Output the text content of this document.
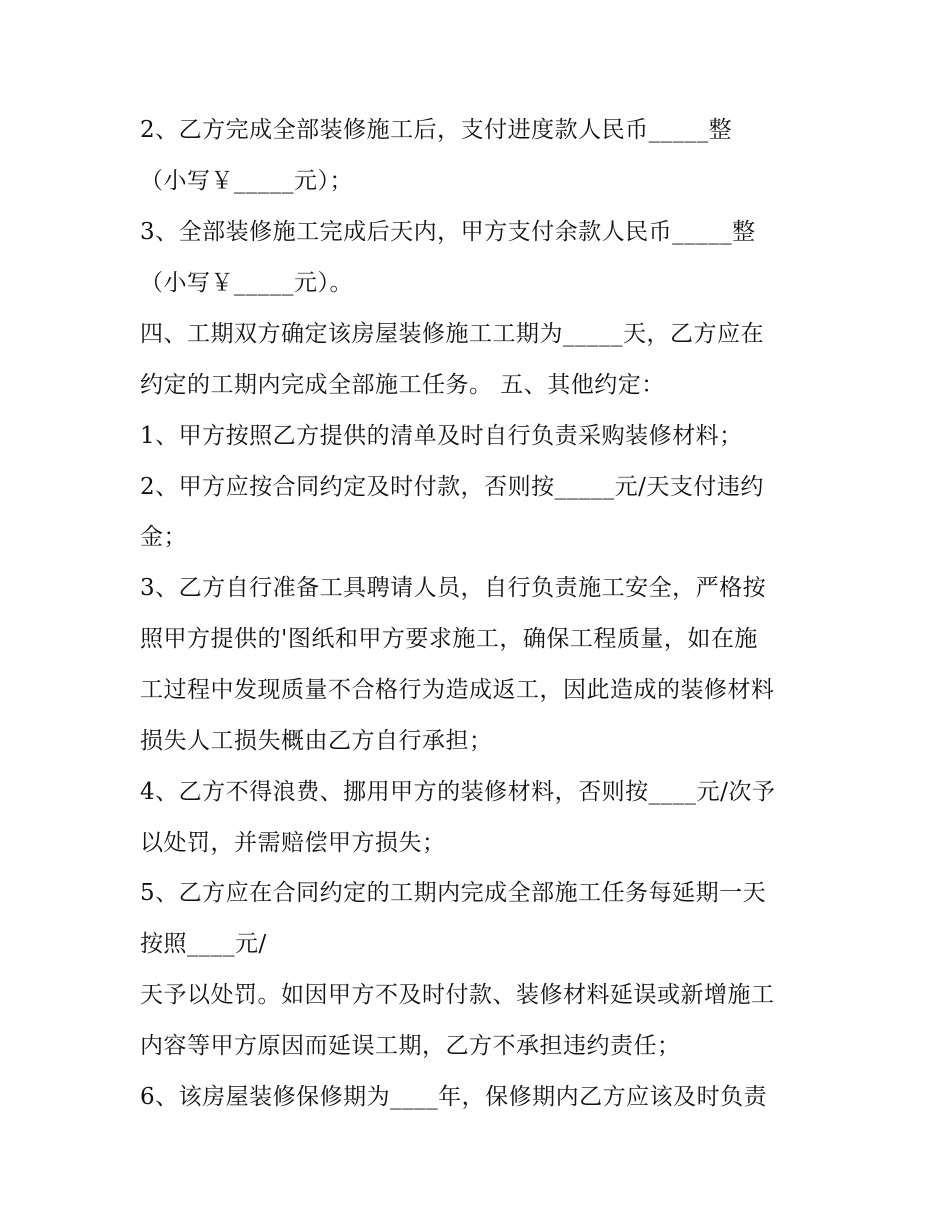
2、乙方完成全部装修施工后，支付进度款人民币_____整
（小写￥_____元）；
3、全部装修施工完成后天内，甲方支付余款人民币_____整
（小写￥_____元）。
四、工期双方确定该房屋装修施工工期为_____天，乙方应在
约定的工期内完成全部施工任务。 五、其他约定：
1、甲方按照乙方提供的清单及时自行负责采购装修材料；
2、甲方应按合同约定及时付款，否则按_____元/天支付违约
金；
3、乙方自行准备工具聘请人员，自行负责施工安全，严格按
照甲方提供的'图纸和甲方要求施工，确保工程质量，如在施
工过程中发现质量不合格行为造成返工，因此造成的装修材料
损失人工损失概由乙方自行承担；
4、乙方不得浪费、挪用甲方的装修材料，否则按____元/次予
以处罚，并需赔偿甲方损失；
5、乙方应在合同约定的工期内完成全部施工任务每延期一天
按照____元/
天予以处罚。如因甲方不及时付款、装修材料延误或新增施工
内容等甲方原因而延误工期，乙方不承担违约责任；
6、该房屋装修保修期为____年，保修期内乙方应该及时负责
